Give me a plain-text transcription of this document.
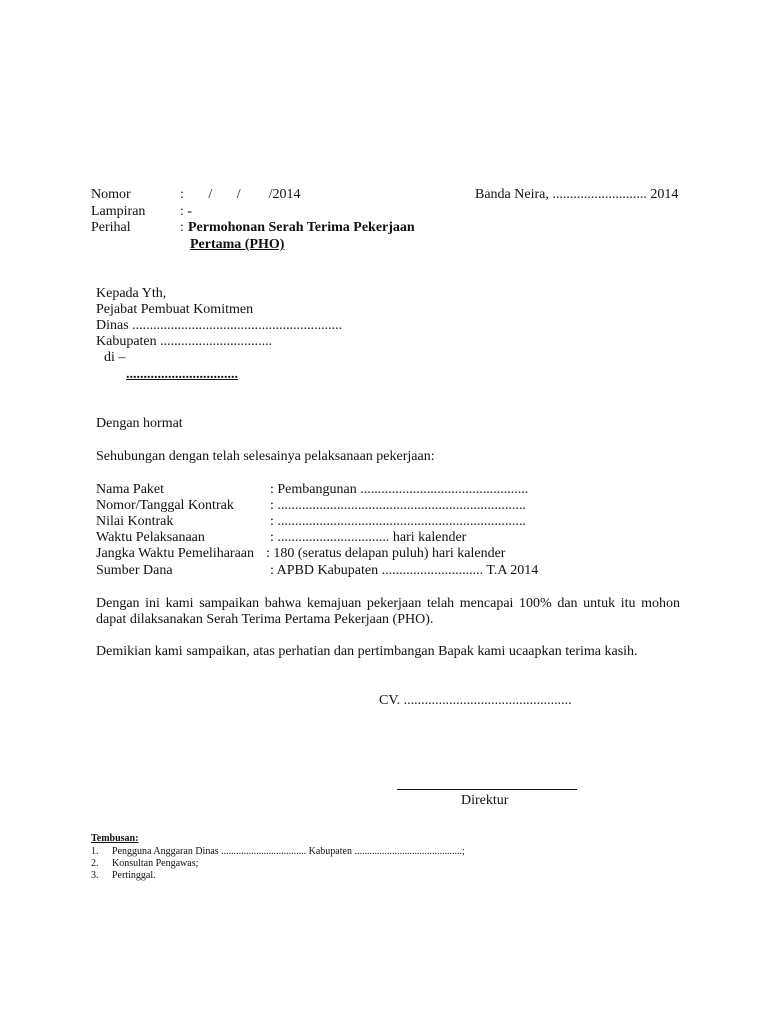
Nomor	:       /       /        /2014	Banda Neira, ........................... 2014
Lampiran : -
Perihal	: Permohonan Serah Terima Pekerjaan
Pertama (PHO)
Kepada Yth,
Pejabat Pembuat Komitmen
Dinas ............................................................
Kabupaten ................................
di –
................................
Dengan hormat
Sehubungan dengan telah selesainya pelaksanaan pekerjaan:
Nama Paket	: Pembangunan ................................................
Nomor/Tanggal Kontrak	: .......................................................................
Nilai Kontrak	: .......................................................................
Waktu Pelaksanaan	: ................................ hari kalender
Jangka Waktu Pemeliharaan : 180 (seratus delapan puluh) hari kalender
Sumber Dana	: APBD Kabupaten ............................. T.A 2014
Dengan ini kami sampaikan bahwa kemajuan pekerjaan telah mencapai 100% dan untuk itu mohon dapat dilaksanakan Serah Terima Pertama Pekerjaan (PHO).
Demikian kami sampaikan, atas perhatian dan pertimbangan Bapak kami ucaapkan terima kasih.
CV. ................................................
Direktur
Tembusan:
1. Pengguna Anggaran Dinas .................................. Kabupaten ...........................................;
2. Konsultan Pengawas;
3. Pertinggal.
